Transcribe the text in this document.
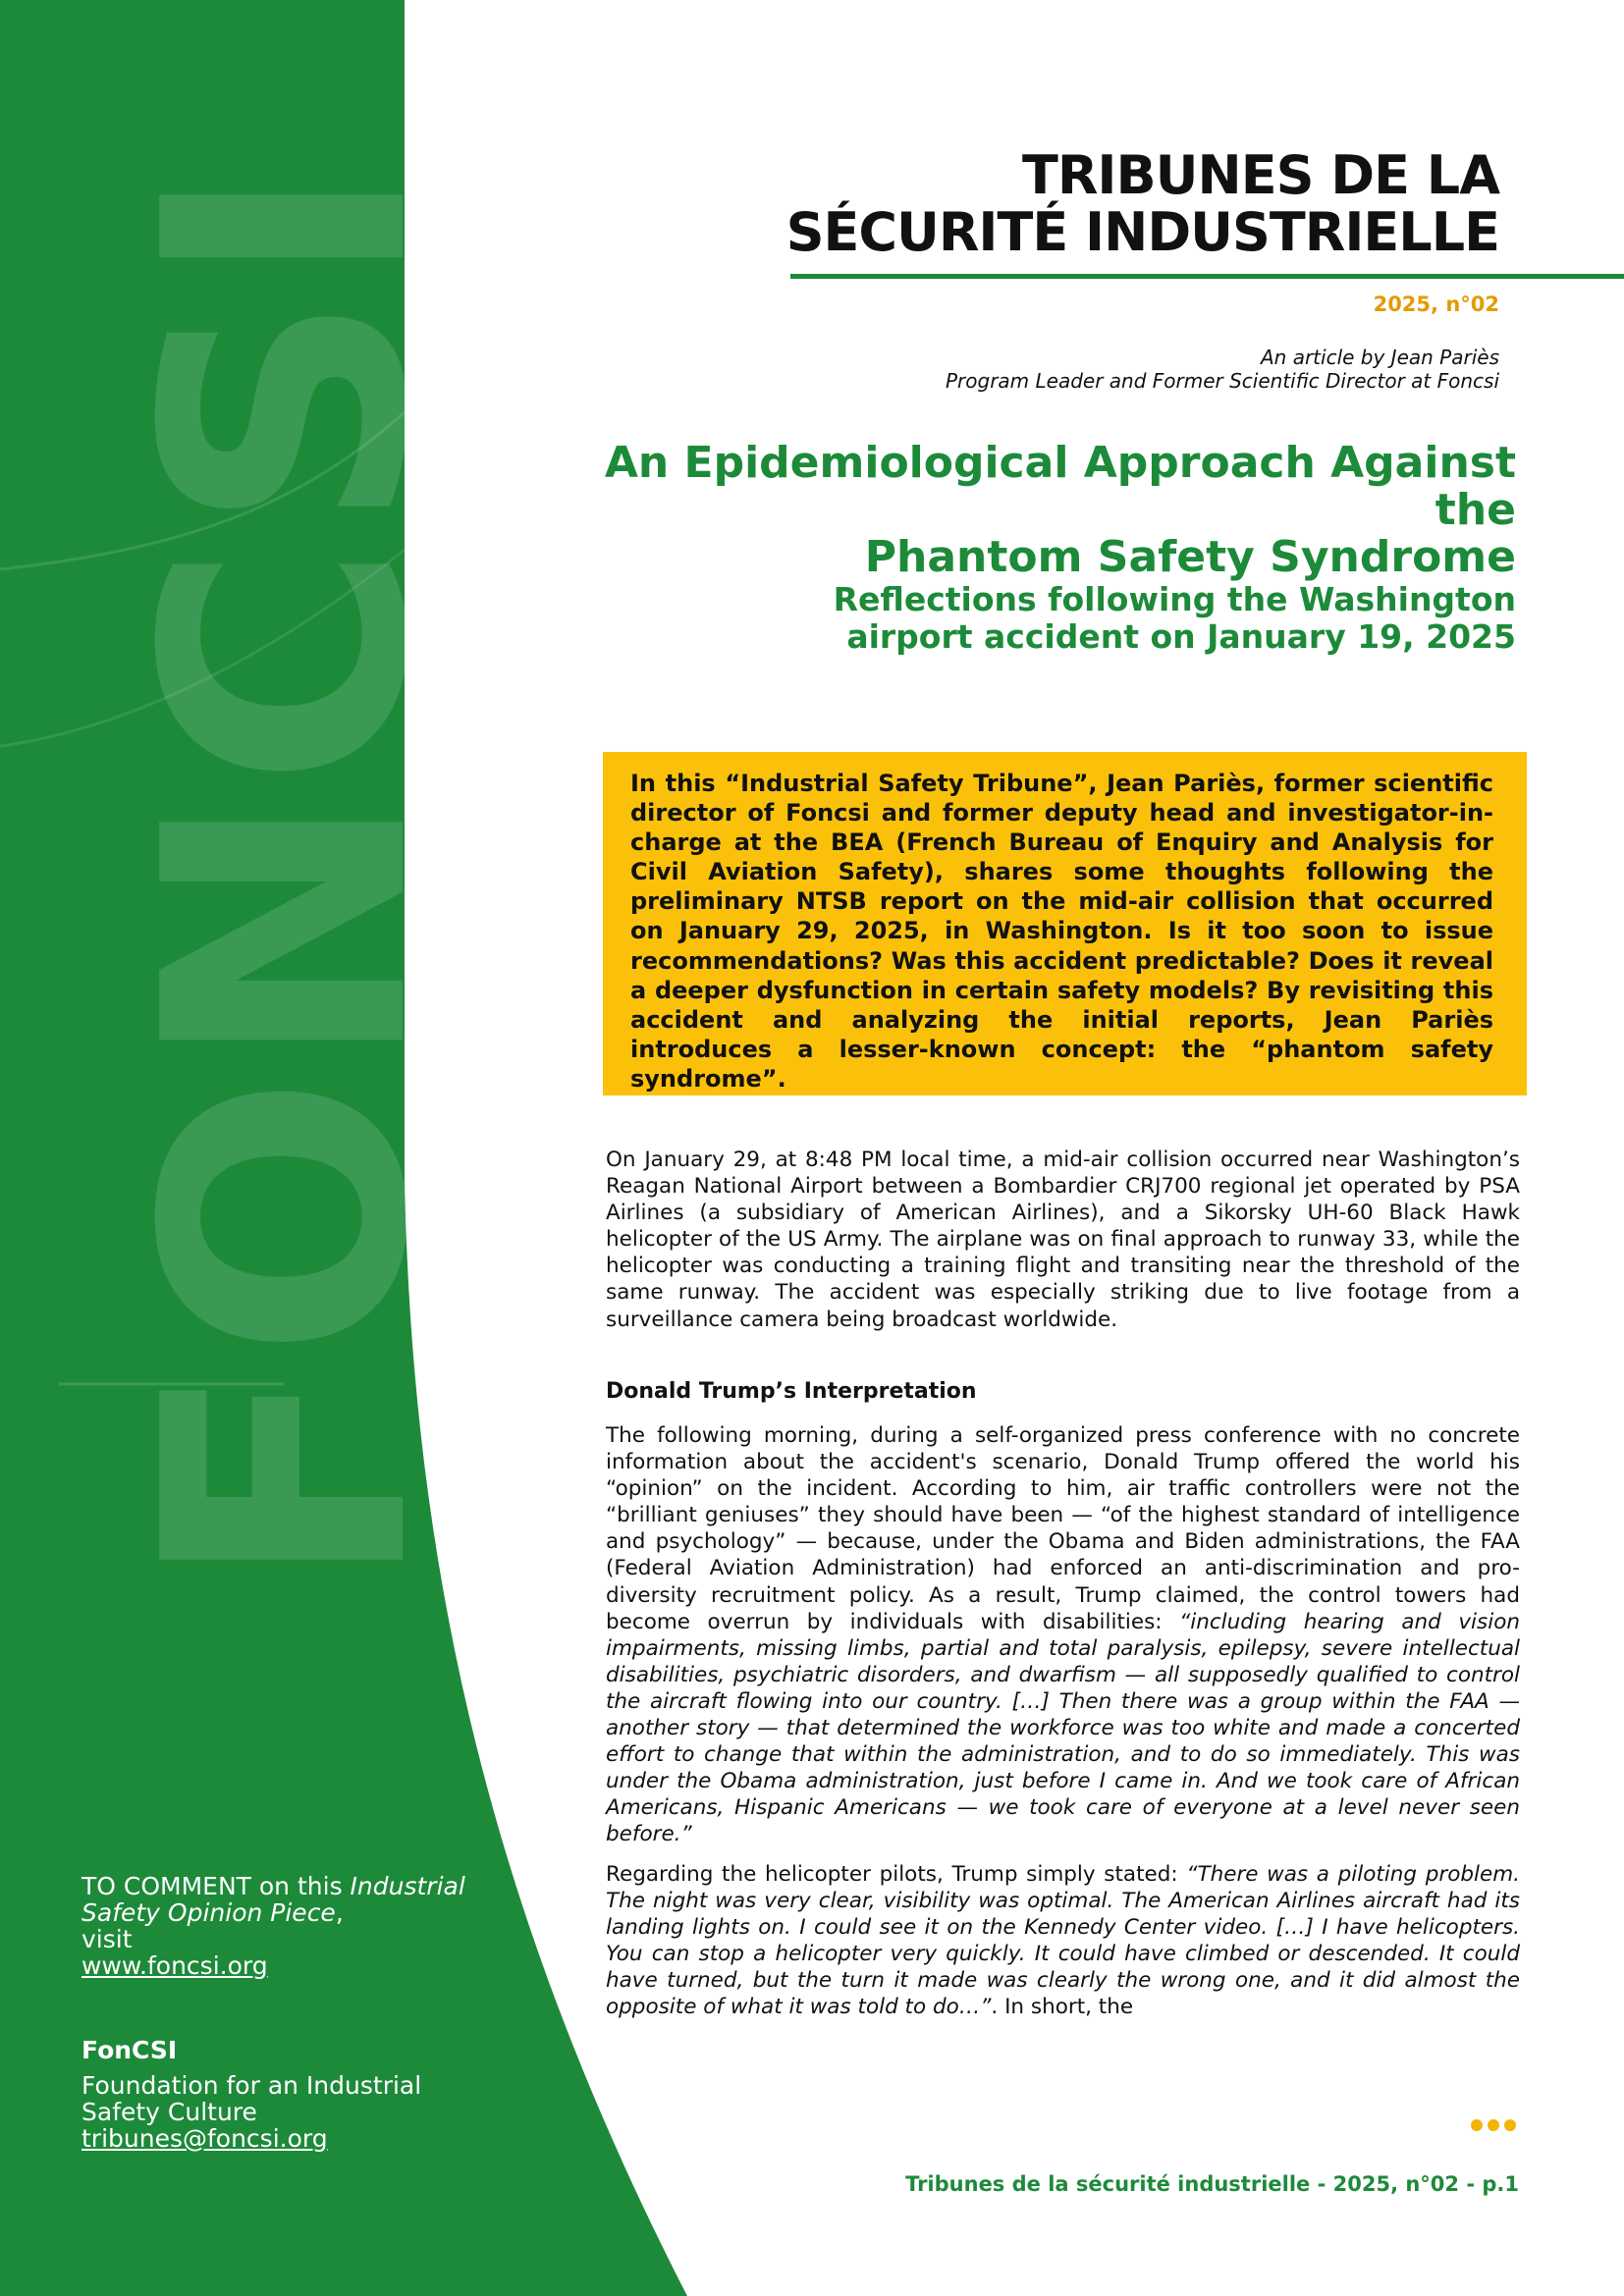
FONCSI	TRIBUNES DE LA
SÉCURITÉ INDUSTRIELLE
2025, n°02
An article by Jean Pariès
Program Leader and Former Scientific Director at Foncsi
An Epidemiological Approach Against the
Phantom Safety Syndrome
Reflections following the Washington
airport accident on January 19, 2025
In this “Industrial Safety Tribune”, Jean Pariès, former scientific director of Foncsi and former deputy head and investigator-in-charge at the BEA (French Bureau of Enquiry and Analysis for Civil Aviation Safety), shares some thoughts following the preliminary NTSB report on the mid-air collision that occurred on January 29, 2025, in Washington. Is it too soon to issue recommendations? Was this accident predictable? Does it reveal a deeper dysfunction in certain safety models? By revisiting this accident and analyzing the initial reports, Jean Pariès introduces a lesser-known concept: the “phantom safety syndrome”.

On January 29, at 8:48 PM local time, a mid-air collision occurred near Washington’s Reagan National Airport between a Bombardier CRJ700 regional jet operated by PSA Airlines (a subsidiary of American Airlines), and a Sikorsky UH-60 Black Hawk helicopter of the US Army. The airplane was on final approach to runway 33, while the helicopter was conducting a training flight and transiting near the threshold of the same runway. The accident was especially striking due to live footage from a surveillance camera being broadcast worldwide.

Donald Trump’s Interpretation

The following morning, during a self-organized press conference with no concrete information about the accident's scenario, Donald Trump offered the world his “opinion” on the incident. According to him, air traffic controllers were not the “brilliant geniuses” they should have been — “of the highest standard of intelligence and psychology” — because, under the Obama and Biden administrations, the FAA (Federal Aviation Administration) had enforced an anti-discrimination and pro-diversity recruitment policy. As a result, Trump claimed, the control towers had become overrun by individuals with disabilities: “including hearing and vision impairments, missing limbs, partial and total paralysis, epilepsy, severe intellectual disabilities, psychiatric disorders, and dwarfism — all supposedly qualified to control the aircraft flowing into our country. […] Then there was a group within the FAA — another story — that determined the workforce was too white and made a concerted effort to change that within the administration, and to do so immediately. This was under the Obama administration, just before I came in. And we took care of African Americans, Hispanic Americans — we took care of everyone at a level never seen before.”

Regarding the helicopter pilots, Trump simply stated: “There was a piloting problem. The night was very clear, visibility was optimal. The American Airlines aircraft had its landing lights on. I could see it on the Kennedy Center video. […] I have helicopters. You can stop a helicopter very quickly. It could have climbed or descended. It could have turned, but the turn it made was clearly the wrong one, and it did almost the opposite of what it was told to do…”. In short, the

TO COMMENT on this Industrial Safety Opinion Piece,
visit
www.foncsi.org
FonCSI
Foundation for an Industrial Safety Culture
tribunes@foncsi.org
Tribunes de la sécurité industrielle - 2025, n°02 - p.1
